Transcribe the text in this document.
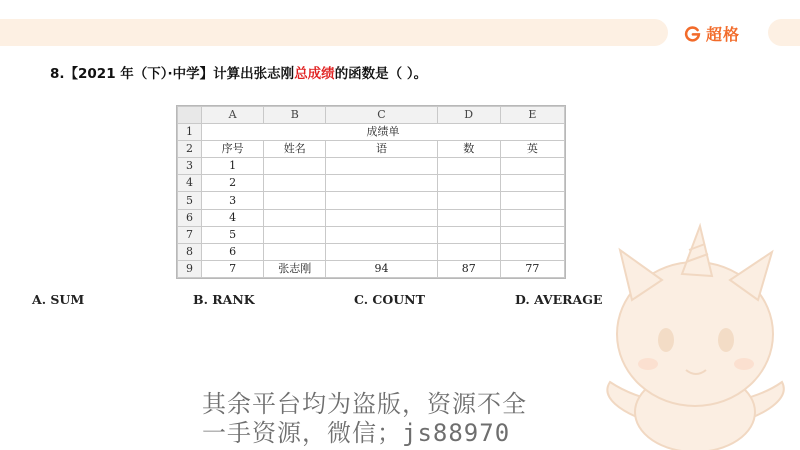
超格
8.【2021 年（下）·中学】计算出张志刚总成绩的函数是（ ）。
	A	B	C	D	E
1	成绩单				
2	序号	姓名	语	数	英
3	1				
4	2				
5	3				
6	4				
7	5				
8	6				
9	7	张志刚	94	87	77
A. SUM	B. RANK	C. COUNT	D. AVERAGE
其余平台均为盗版，资源不全
一手资源，微信；js88970
